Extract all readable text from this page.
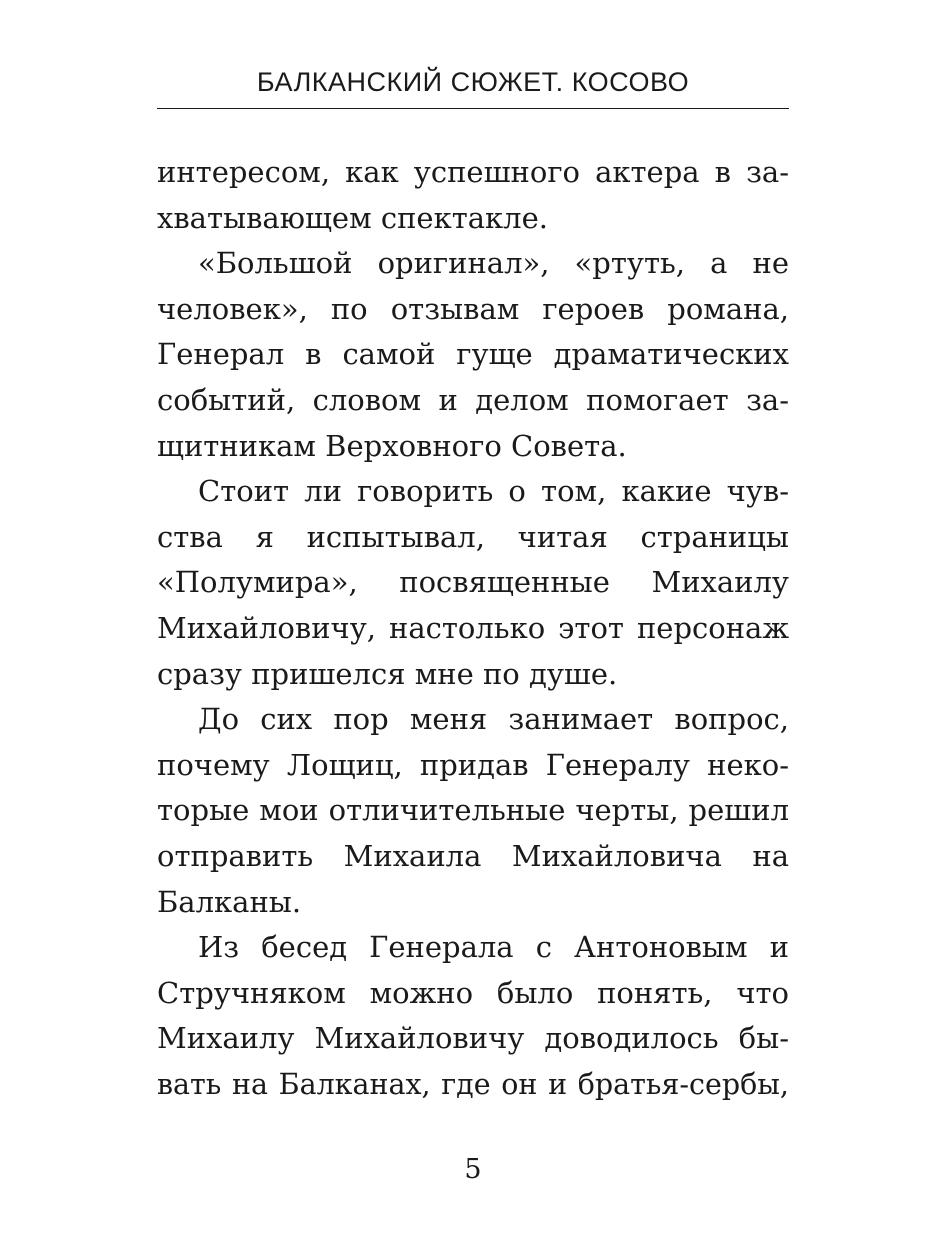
БАЛКАНСКИЙ СЮЖЕТ. КОСОВО
интересом, как успешного актера в за-
хватывающем спектакле.
«Большой оригинал», «ртуть, а не
человек», по отзывам героев романа,
Генерал в самой гуще драматических
событий, словом и делом помогает за-
щитникам Верховного Совета.
Стоит ли говорить о том, какие чув-
ства я испытывал, читая страницы
«Полумира», посвященные Михаилу
Михайловичу, настолько этот персонаж
сразу пришелся мне по душе.
До сих пор меня занимает вопрос,
почему Лощиц, придав Генералу неко-
торые мои отличительные черты, решил
отправить Михаила Михайловича на
Балканы.
Из бесед Генерала с Антоновым и
Стручняком можно было понять, что
Михаилу Михайловичу доводилось бы-
вать на Балканах, где он и братья-сербы,
5
